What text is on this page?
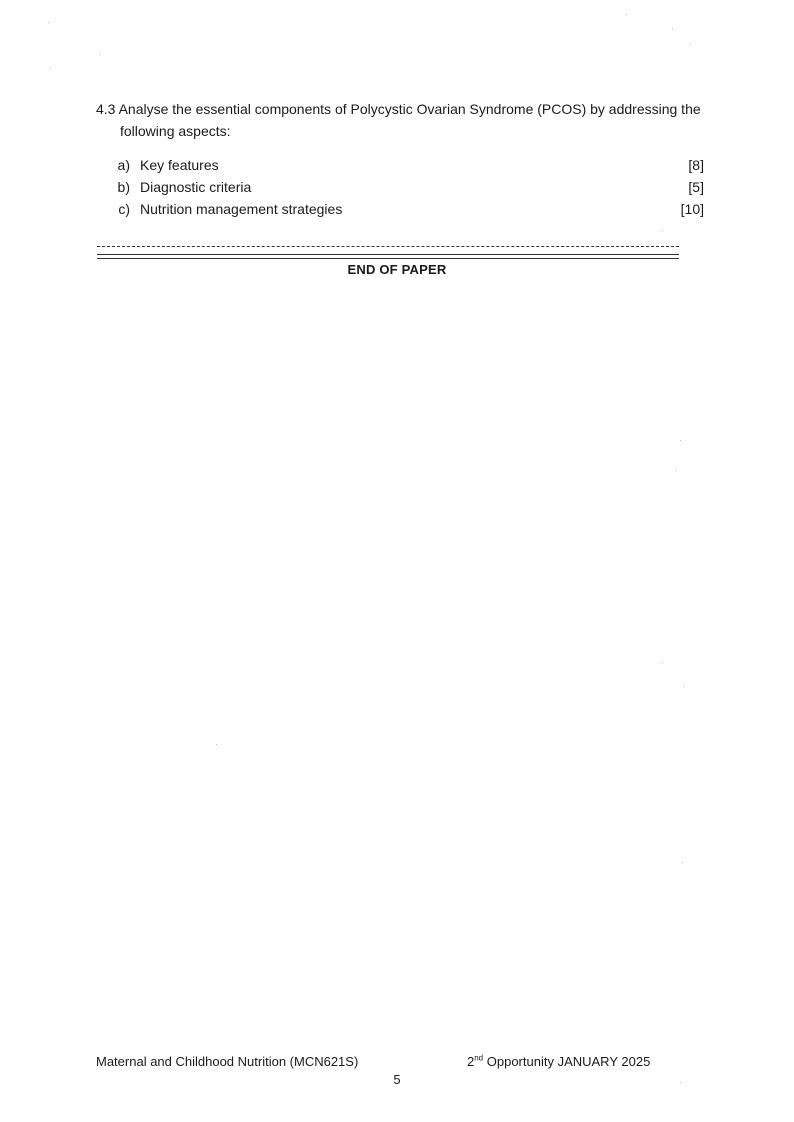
4.3 Analyse the essential components of Polycystic Ovarian Syndrome (PCOS) by addressing the
following aspects:
a) Key features	[8]
b) Diagnostic criteria	[5]
c) Nutrition management strategies	[10]
END OF PAPER
Maternal and Childhood Nutrition (MCN621S)	2nd Opportunity JANUARY 2025
5
